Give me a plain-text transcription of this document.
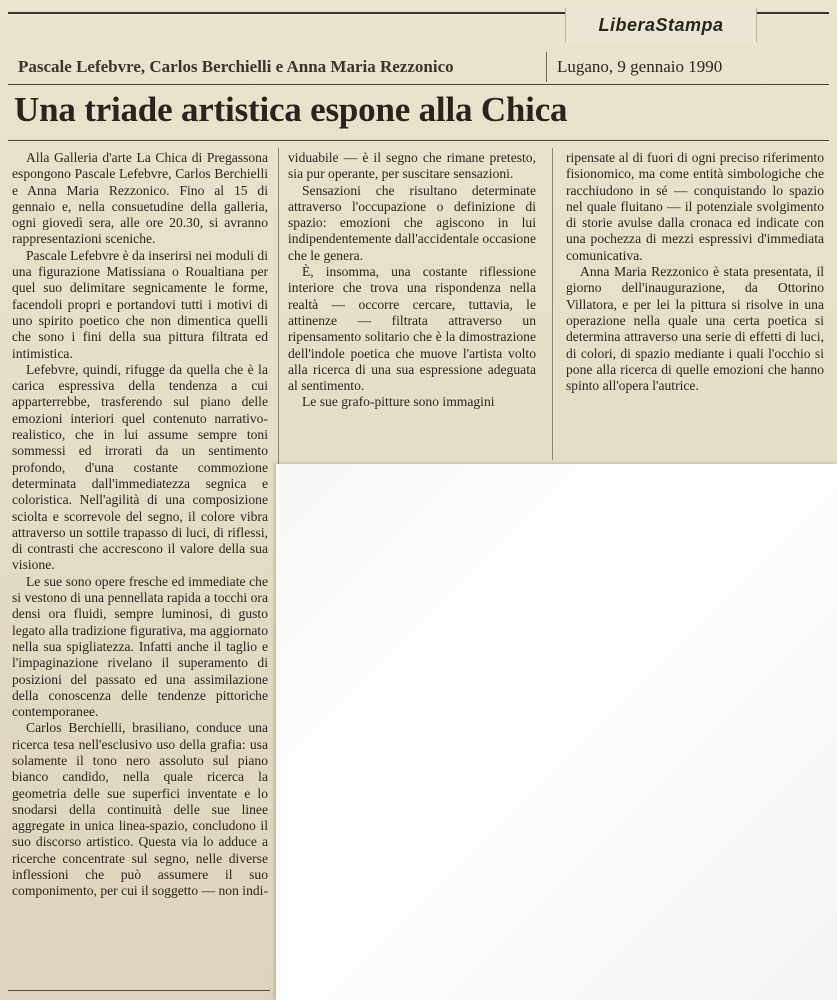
LiberaStampa
Pascale Lefebvre, Carlos Berchielli e Anna Maria Rezzonico	Lugano, 9 gennaio 1990
Una triade artistica espone alla Chica

Alla Galleria d'arte La Chica di Pregassona espongono Pascale Lefebvre, Carlos Berchielli e Anna Maria Rezzonico. Fino al 15 di gennaio e, nella consuetudine della galleria, ogni giovedì sera, alle ore 20.30, si avranno rappresentazioni sceniche.

Pascale Lefebvre è da inserirsi nei moduli di una figurazione Matissiana o Roualtiana per quel suo delimitare segnicamente le forme, facendoli propri e portandovi tutti i motivi di uno spirito poetico che non dimentica quelli che sono i fini della sua pittura filtrata ed intimistica.

Lefebvre, quindi, rifugge da quella che è la carica espressiva della tendenza a cui apparterrebbe, trasferendo sul piano delle emozioni interiori quel contenuto narrativo-realistico, che in lui assume sempre toni sommessi ed irrorati da un sentimento profondo, d'una costante commozione determinata dall'immediatezza segnica e coloristica. Nell'agilità di una composizione sciolta e scorrevole del segno, il colore vibra attraverso un sottile trapasso di luci, di riflessi, di contrasti che accrescono il valore della sua visione.

Le sue sono opere fresche ed immediate che si vestono di una pennellata rapida a tocchi ora densi ora fluidi, sempre luminosi, di gusto legato alla tradizione figurativa, ma aggiornato nella sua spigliatezza. Infatti anche il taglio e l'impaginazione rivelano il superamento di posizioni del passato ed una assimilazione della conoscenza delle tendenze pittoriche contemporanee.

Carlos Berchielli, brasiliano, conduce una ricerca tesa nell'esclusivo uso della grafia: usa solamente il tono nero assoluto sul piano bianco candido, nella quale ricerca la geometria delle sue superfici inventate e lo snodarsi della continuità delle sue linee aggregate in unica linea-spazio, concludono il suo discorso artistico. Questa via lo adduce a ricerche concentrate sul segno, nelle diverse inflessioni che può assumere il suo componimento, per cui il soggetto — non indi-

viduabile — è il segno che rimane pretesto, sia pur operante, per suscitare sensazioni.

Sensazioni che risultano determinate attraverso l'occupazione o definizione di spazio: emozioni che agiscono in lui indipendentemente dall'accidentale occasione che le genera.

È, insomma, una costante riflessione interiore che trova una rispondenza nella realtà — occorre cercare, tuttavia, le attinenze — filtrata attraverso un ripensamento solitario che è la dimostrazione dell'indole poetica che muove l'artista volto alla ricerca di una sua espressione adeguata al sentimento.

Le sue grafo-pitture sono immagini

ripensate al di fuori di ogni preciso riferimento fisionomico, ma come entità simbologiche che racchiudono in sé — conquistando lo spazio nel quale fluitano — il potenziale svolgimento di storie avulse dalla cronaca ed indicate con una pochezza di mezzi espressivi d'immediata comunicativa.

Anna Maria Rezzonico è stata presentata, il giorno dell'inaugurazione, da Ottorino Villatora, e per lei la pittura si risolve in una operazione nella quale una certa poetica si determina attraverso una serie di effetti di luci, di colori, di spazio mediante i quali l'occhio si pone alla ricerca di quelle emozioni che hanno spinto all'opera l'autrice.
